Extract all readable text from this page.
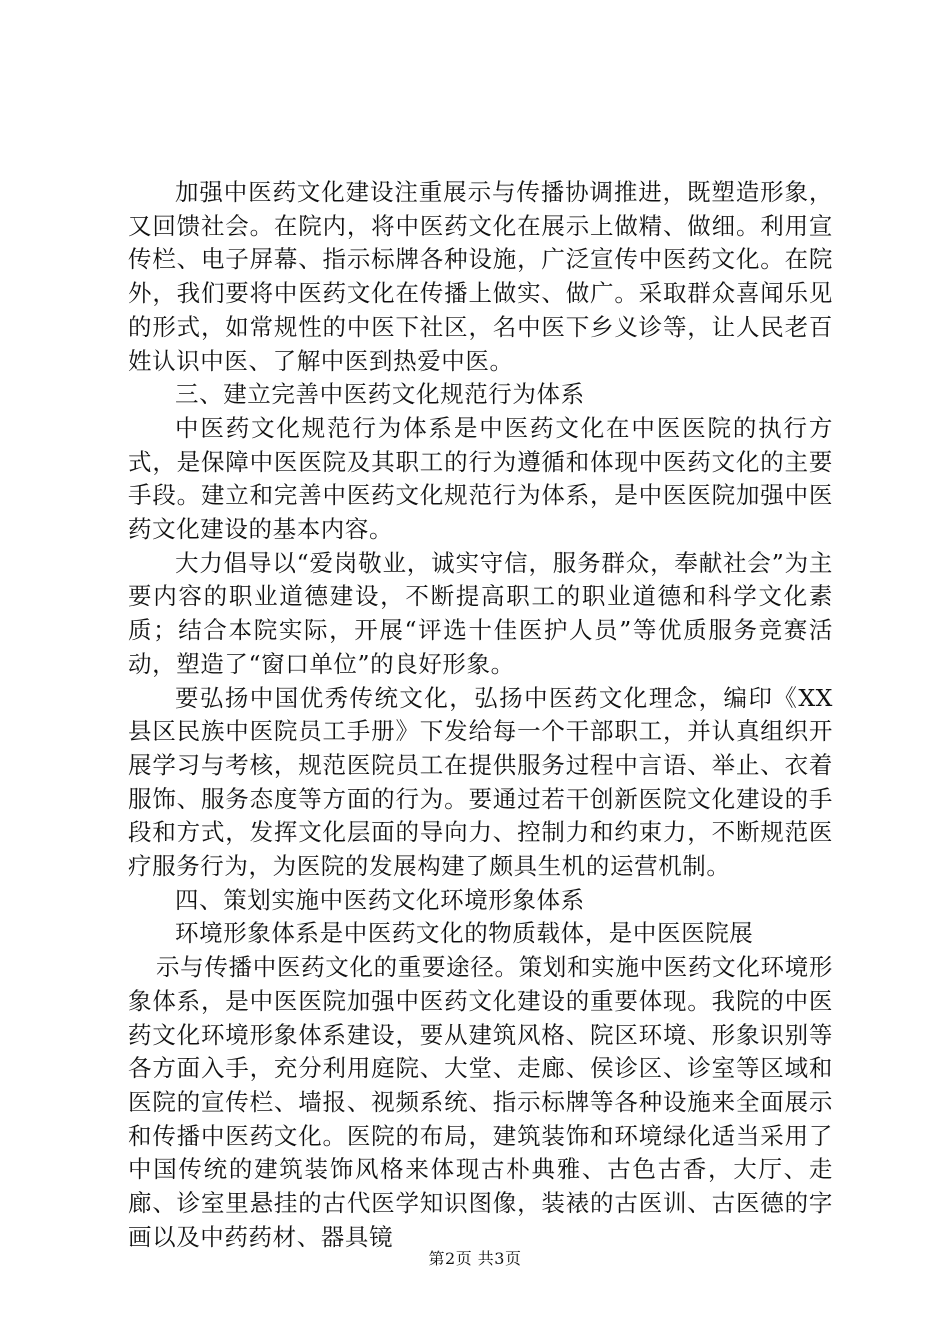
加强中医药文化建设注重展示与传播协调推进，既塑造形象，又回馈社会。在院内，将中医药文化在展示上做精、做细。利用宣传栏、电子屏幕、指示标牌各种设施，广泛宣传中医药文化。在院外，我们要将中医药文化在传播上做实、做广。采取群众喜闻乐见的形式，如常规性的中医下社区，名中医下乡义诊等，让人民老百姓认识中医、了解中医到热爱中医。

三、建立完善中医药文化规范行为体系

中医药文化规范行为体系是中医药文化在中医医院的执行方式，是保障中医医院及其职工的行为遵循和体现中医药文化的主要手段。建立和完善中医药文化规范行为体系，是中医医院加强中医药文化建设的基本内容。

大力倡导以“爱岗敬业，诚实守信，服务群众，奉献社会”为主要内容的职业道德建设，不断提高职工的职业道德和科学文化素质；结合本院实际，开展“评选十佳医护人员”等优质服务竞赛活动，塑造了“窗口单位”的良好形象。

要弘扬中国优秀传统文化，弘扬中医药文化理念，编印《XX县区民族中医院员工手册》下发给每一个干部职工，并认真组织开展学习与考核，规范医院员工在提供服务过程中言语、举止、衣着服饰、服务态度等方面的行为。要通过若干创新医院文化建设的手段和方式，发挥文化层面的导向力、控制力和约束力，不断规范医疗服务行为，为医院的发展构建了颇具生机的运营机制。

四、策划实施中医药文化环境形象体系

环境形象体系是中医药文化的物质载体，是中医医院展

示与传播中医药文化的重要途径。策划和实施中医药文化环境形象体系，是中医医院加强中医药文化建设的重要体现。我院的中医药文化环境形象体系建设，要从建筑风格、院区环境、形象识别等各方面入手，充分利用庭院、大堂、走廊、侯诊区、诊室等区域和医院的宣传栏、墙报、视频系统、指示标牌等各种设施来全面展示和传播中医药文化。医院的布局，建筑装饰和环境绿化适当采用了中国传统的建筑装饰风格来体现古朴典雅、古色古香，大厅、走廊、诊室里悬挂的古代医学知识图像，装裱的古医训、古医德的字画以及中药药材、器具镜

第2页 共3页
